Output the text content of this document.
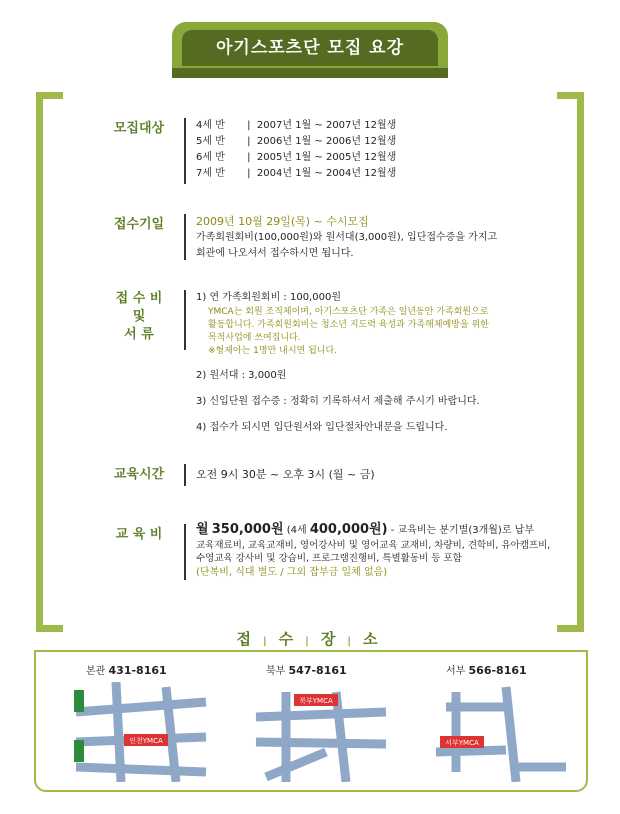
아기스포츠단 모집 요강
모집대상	4세 반 |  2007년 1월 ~ 2007년 12월생
5세 반 |  2006년 1월 ~ 2006년 12월생
6세 반 |  2005년 1월 ~ 2005년 12월생
7세 반 |  2004년 1월 ~ 2004년 12월생
접수기일	2009년 10월 29일(목) ~ 수시모집
가족회원회비(100,000원)와 원서대(3,000원), 입단접수증을 가지고
회관에 나오셔서 접수하시면 됩니다.
접 수 비
및
서 류
1) 연 가족회원회비 : 100,000원
YMCA는 회원 조직체이며, 아기스포츠단 가족은 일년동안 가족회원으로
활동합니다. 가족회원회비는 청소년 지도력 육성과 가족해체예방을 위한
목적사업에 쓰여집니다.
※형제아는 1명만 내시면 됩니다.
2) 원서대 : 3,000원
3) 신입단원 접수증 : 정확히 기록하셔서 제출해 주시기 바랍니다.
4) 접수가 되시면 입단원서와 입단절차안내문을 드립니다.
교육시간	오전 9시 30분 ~ 오후 3시 (월 ~ 금)
교 육 비	월 350,000원 (4세 400,000원) - 교육비는 분기별(3개월)로 납부
교육재료비, 교육교재비, 영어강사비 및 영어교육 교재비, 차량비, 견학비, 유아캠프비,
수영교육 강사비 및 강습비, 프로그램진행비, 특별활동비 등 포함
(단복비, 식대 별도 / 그외 잡부금 일체 없음)
접 | 수 | 장 | 소
본관 431-8161
인천YMCA
북부 547-8161
북부YMCA
서부 566-8161
서부YMCA
